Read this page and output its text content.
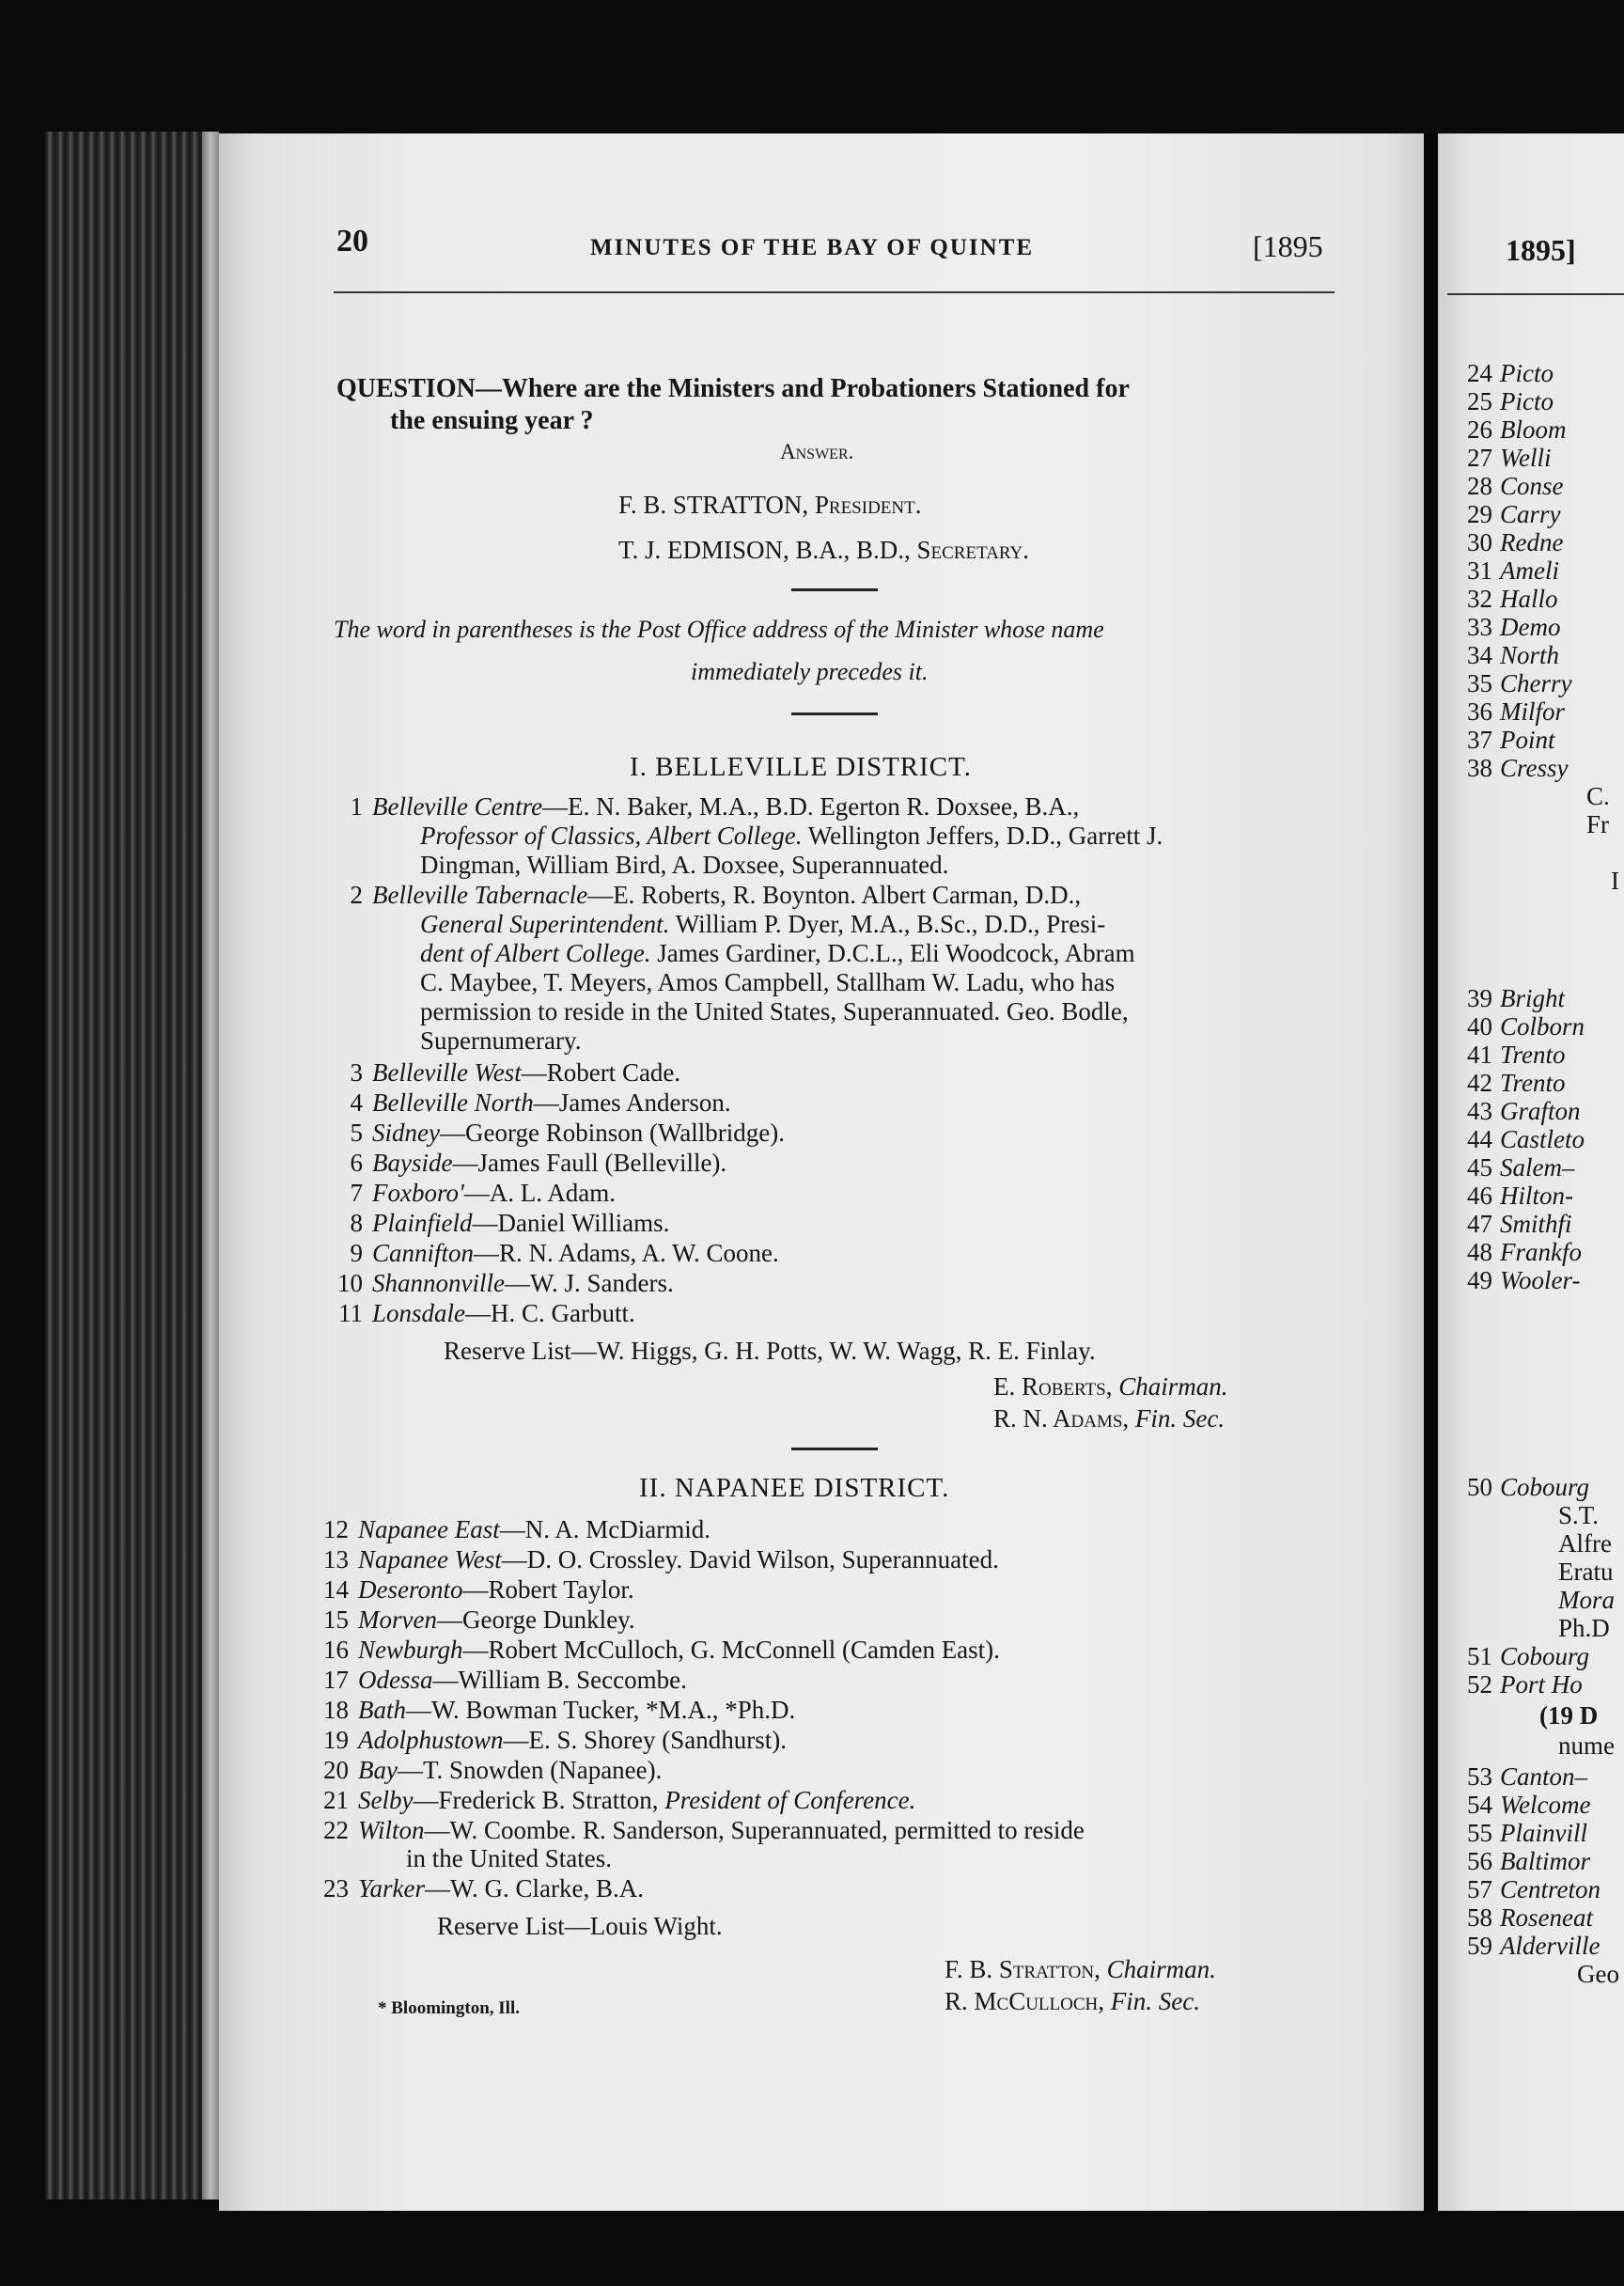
20	MINUTES OF THE BAY OF QUINTE	[1895
QUESTION—Where are the Ministers and Probationers Stationed for
the ensuing year ?
Answer.
F. B. STRATTON, President.
T. J. EDMISON, B.A., B.D., Secretary.
The word in parentheses is the Post Office address of the Minister whose name
immediately precedes it.
I. BELLEVILLE DISTRICT.
1 Belleville Centre—E. N. Baker, M.A., B.D. Egerton R. Doxsee, B.A.,
Professor of Classics, Albert College. Wellington Jeffers, D.D., Garrett J.
Dingman, William Bird, A. Doxsee, Superannuated.
2 Belleville Tabernacle—E. Roberts, R. Boynton. Albert Carman, D.D.,
General Superintendent. William P. Dyer, M.A., B.Sc., D.D., Presi-
dent of Albert College. James Gardiner, D.C.L., Eli Woodcock, Abram
C. Maybee, T. Meyers, Amos Campbell, Stallham W. Ladu, who has
permission to reside in the United States, Superannuated. Geo. Bodle,
Supernumerary.
3 Belleville West—Robert Cade.
4 Belleville North—James Anderson.
5 Sidney—George Robinson (Wallbridge).
6 Bayside—James Faull (Belleville).
7 Foxboro'—A. L. Adam.
8 Plainfield—Daniel Williams.
9 Cannifton—R. N. Adams, A. W. Coone.
10 Shannonville—W. J. Sanders.
11 Lonsdale—H. C. Garbutt.
Reserve List—W. Higgs, G. H. Potts, W. W. Wagg, R. E. Finlay.
E. Roberts, Chairman.
R. N. Adams, Fin. Sec.
II. NAPANEE DISTRICT.
12 Napanee East—N. A. McDiarmid.
13 Napanee West—D. O. Crossley. David Wilson, Superannuated.
14 Deseronto—Robert Taylor.
15 Morven—George Dunkley.
16 Newburgh—Robert McCulloch, G. McConnell (Camden East).
17 Odessa—William B. Seccombe.
18 Bath—W. Bowman Tucker, *M.A., *Ph.D.
19 Adolphustown—E. S. Shorey (Sandhurst).
20 Bay—T. Snowden (Napanee).
21 Selby—Frederick B. Stratton, President of Conference.
22 Wilton—W. Coombe. R. Sanderson, Superannuated, permitted to reside
in the United States.
23 Yarker—W. G. Clarke, B.A.
Reserve List—Louis Wight.
F. B. Stratton, Chairman.
R. McCulloch, Fin. Sec.
* Bloomington, Ill.
1895]
24 Picto
25 Picto
26 Bloom
27 Welli
28 Conse
29 Carry
30 Redne
31 Ameli
32 Hallo
33 Demo
34 North
35 Cherry
36 Milfor
37 Point
38 Cressy
C.
Fr
I
39 Bright
40 Colborn
41 Trento
42 Trento
43 Grafton
44 Castleto
45 Salem–
46 Hilton-
47 Smithfi
48 Frankfo
49 Wooler-
50 Cobourg
S.T.
Alfre
Eratu
Mora
Ph.D
51 Cobourg
52 Port Ho
(19 D
nume
53 Canton–
54 Welcome
55 Plainvill
56 Baltimor
57 Centreton
58 Roseneat
59 Alderville
Geo
